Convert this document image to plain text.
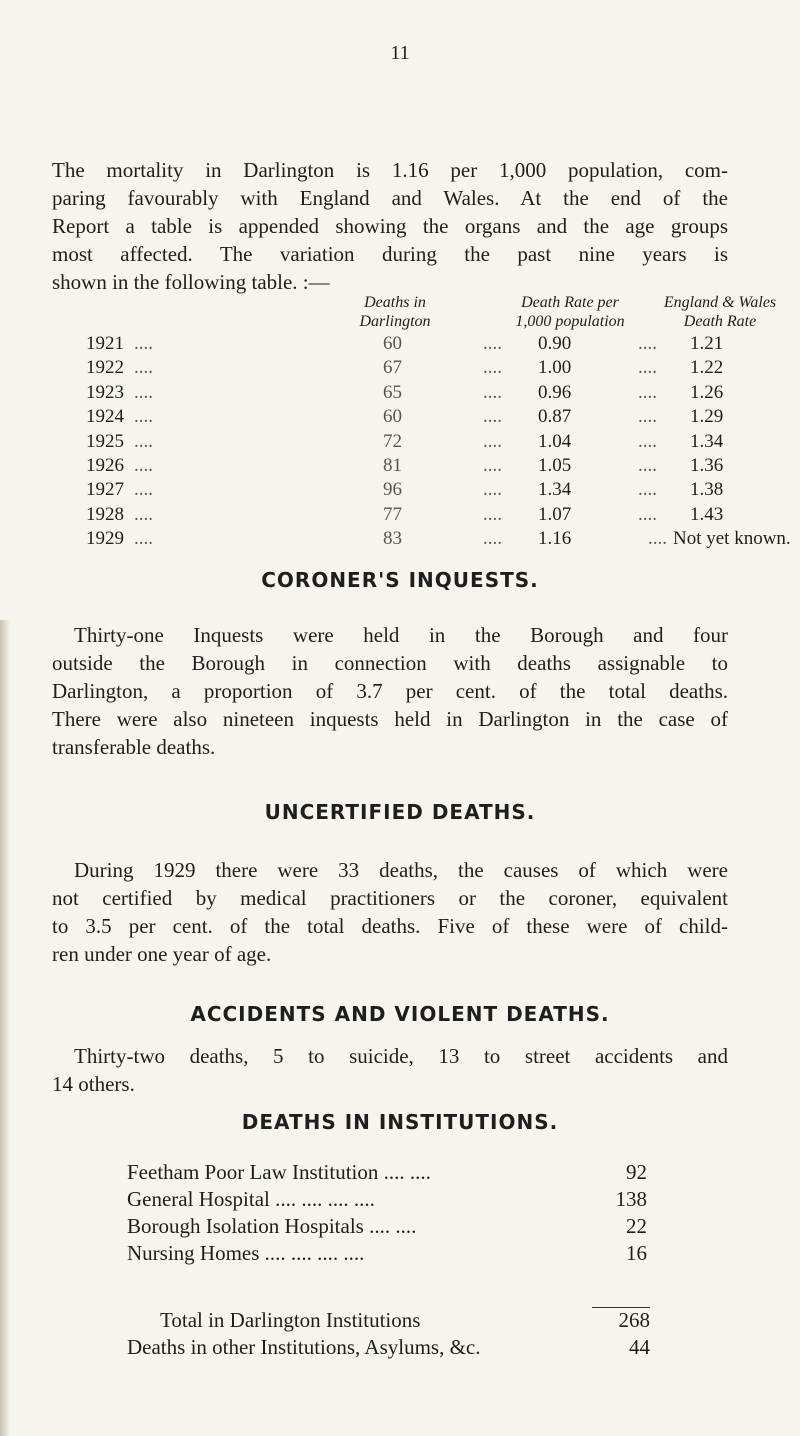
11
The mortality in Darlington is 1.16 per 1,000 population, com-
paring favourably with England and Wales. At the end of the
Report a table is appended showing the organs and the age groups
most affected. The variation during the past nine years is
shown in the following table. :—
Deaths in
Darlington
Death Rate per
1,000 population
England & Wales
Death Rate
1921 ....	60	.... 0.90	.... 1.21
1922 ....	67	.... 1.00	.... 1.22
1923 ....	65	.... 0.96	.... 1.26
1924 ....	60	.... 0.87	.... 1.29
1925 ....	72	.... 1.04	.... 1.34
1926 ....	81	.... 1.05	.... 1.36
1927 ....	96	.... 1.34	.... 1.38
1928 ....	77	.... 1.07	.... 1.43
1929 ....	83	.... 1.16	.... Not yet known.
CORONER'S INQUESTS.
Thirty-one Inquests were held in the Borough and four
outside the Borough in connection with deaths assignable to
Darlington, a proportion of 3.7 per cent. of the total deaths.
There were also nineteen inquests held in Darlington in the case of
transferable deaths.
UNCERTIFIED DEATHS.
During 1929 there were 33 deaths, the causes of which were
not certified by medical practitioners or the coroner, equivalent
to 3.5 per cent. of the total deaths. Five of these were of child-
ren under one year of age.
ACCIDENTS AND VIOLENT DEATHS.
Thirty-two deaths, 5 to suicide, 13 to street accidents and
14 others.
DEATHS IN INSTITUTIONS.
Feetham Poor Law Institution .... ....	92
General Hospital .... .... .... ....	138
Borough Isolation Hospitals .... ....	22
Nursing Homes .... .... .... ....	16
Total in Darlington Institutions	268
Deaths in other Institutions, Asylums, &c.	44
